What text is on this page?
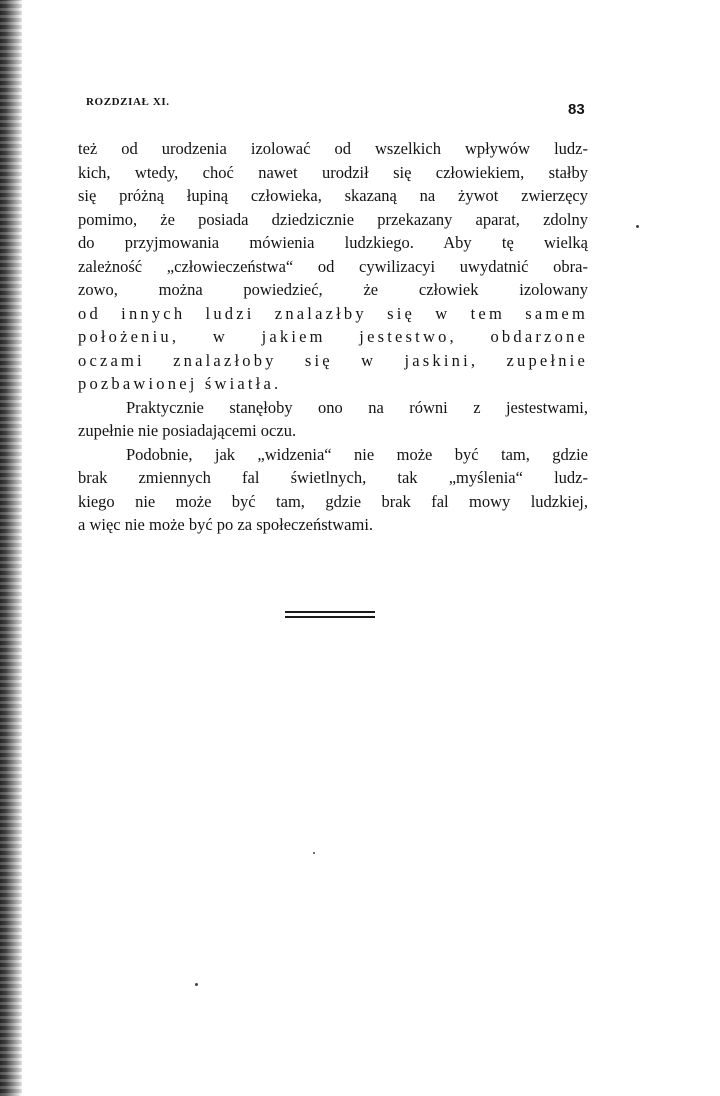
ROZDZIAŁ XI.	83
też od urodzenia izolować od wszelkich wpływów ludz‑
kich, wtedy, choć nawet urodził się człowiekiem, stałby
się próżną łupiną człowieka, skazaną na żywot zwierzęcy
pomimo, że posiada dziedzicznie przekazany aparat, zdolny
do przyjmowania mówienia ludzkiego. Aby tę wielką
zależność „człowieczeństwa“ od cywilizacyi uwydatnić obra‑
zowo, można powiedzieć, że człowiek izolowany
od innych ludzi znalazłby się w tem samem
położeniu, w jakiem jestestwo, obdarzone
oczami znalazłoby się w jaskini, zupełnie
pozbawionej światła.
Praktycznie stanęłoby ono na równi z jestestwami,
zupełnie nie posiadającemi oczu.
Podobnie, jak „widzenia“ nie może być tam, gdzie
brak zmiennych fal świetlnych, tak „myślenia“ ludz‑
kiego nie może być tam, gdzie brak fal mowy ludzkiej,
a więc nie może być po za społeczeństwami.
